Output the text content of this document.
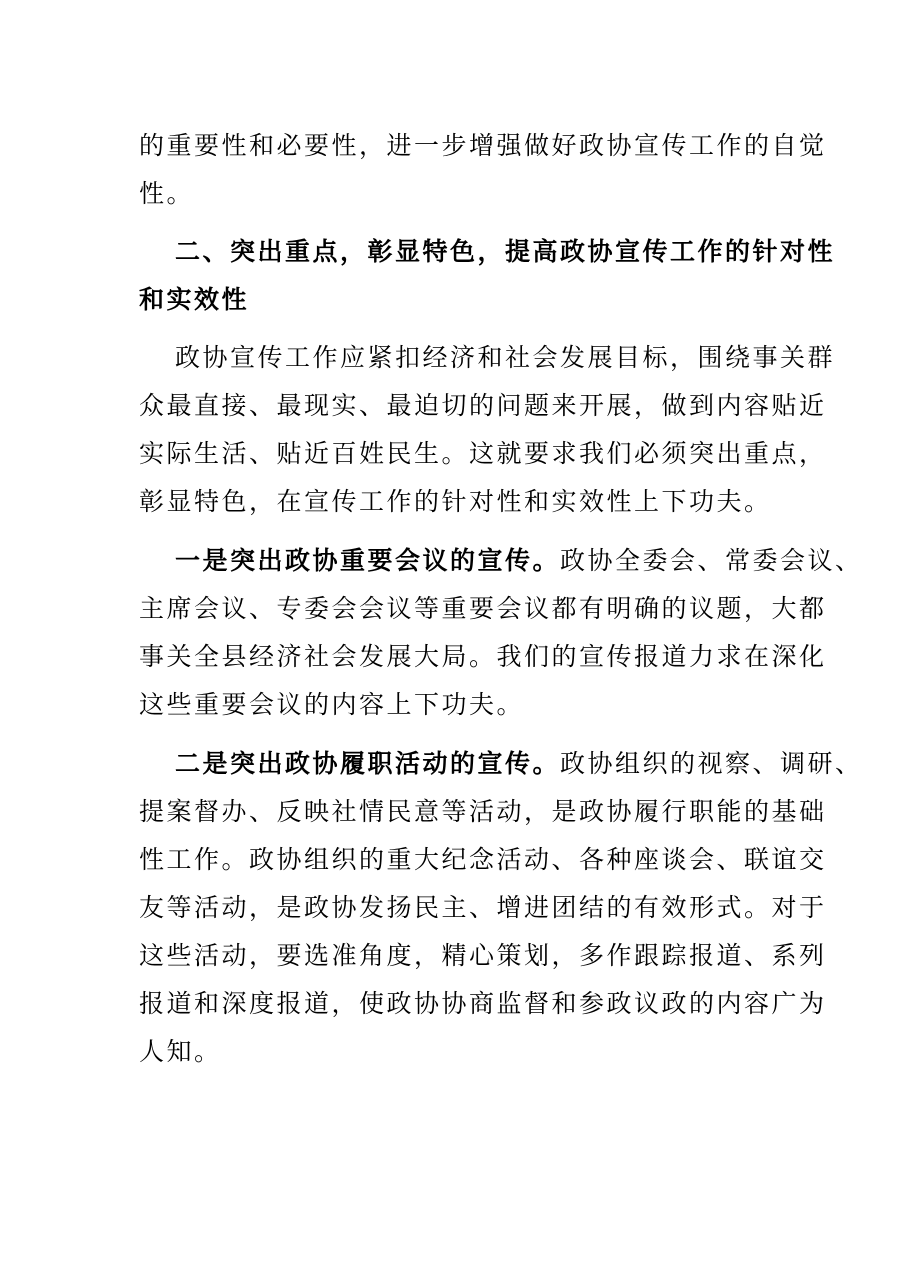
的重要性和必要性，进一步增强做好政协宣传工作的自觉
性。
二、突出重点，彰显特色，提高政协宣传工作的针对性
和实效性
政协宣传工作应紧扣经济和社会发展目标，围绕事关群
众最直接、最现实、最迫切的问题来开展，做到内容贴近
实际生活、贴近百姓民生。这就要求我们必须突出重点，
彰显特色，在宣传工作的针对性和实效性上下功夫。
一是突出政协重要会议的宣传。政协全委会、常委会议、
主席会议、专委会会议等重要会议都有明确的议题，大都
事关全县经济社会发展大局。我们的宣传报道力求在深化
这些重要会议的内容上下功夫。
二是突出政协履职活动的宣传。政协组织的视察、调研、
提案督办、反映社情民意等活动，是政协履行职能的基础
性工作。政协组织的重大纪念活动、各种座谈会、联谊交
友等活动，是政协发扬民主、增进团结的有效形式。对于
这些活动，要选准角度，精心策划，多作跟踪报道、系列
报道和深度报道，使政协协商监督和参政议政的内容广为
人知。
